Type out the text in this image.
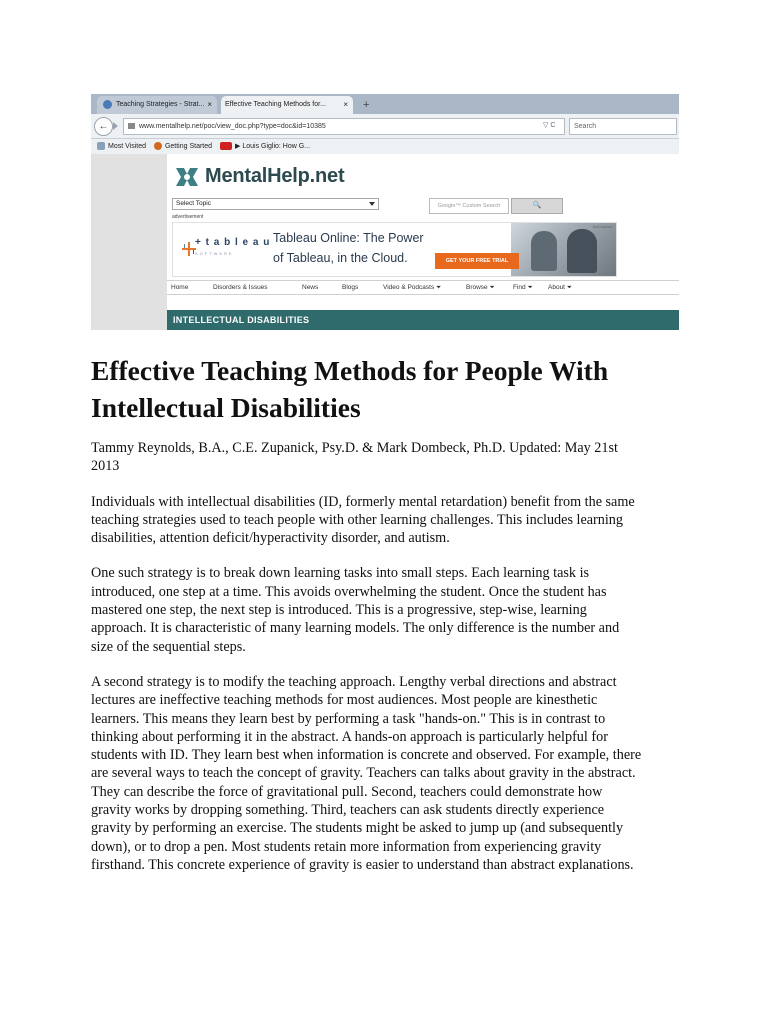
Teaching Strategies - Strat... ×	Effective Teaching Methods for... × +
←	www.mentalhelp.net/poc/view_doc.php?type=doc&id=10385	▽ C	Search
Most Visited	Getting Started	▶ Louis Giglio: How G...
MentalHelp.net
Select Topic	Google™ Custom Search	🔍
advertisement
+ t a b l e a u
SOFTWARE
Tableau Online: The Power
of Tableau, in the Cloud.	GET YOUR FREE TRIAL
AdChoices
Home	Disorders & Issues	News	Blogs	Video & Podcasts ⏷	Browse ⏷	Find ⏷ About ⏷
INTELLECTUAL DISABILITIES
Effective Teaching Methods for People With
Intellectual Disabilities
Tammy Reynolds, B.A., C.E. Zupanick, Psy.D. & Mark Dombeck, Ph.D. Updated: May 21st
2013

Individuals with intellectual disabilities (ID, formerly mental retardation) benefit from the same
teaching strategies used to teach people with other learning challenges. This includes learning
disabilities, attention deficit/hyperactivity disorder, and autism.

One such strategy is to break down learning tasks into small steps. Each learning task is
introduced, one step at a time. This avoids overwhelming the student. Once the student has
mastered one step, the next step is introduced. This is a progressive, step-wise, learning
approach. It is characteristic of many learning models. The only difference is the number and
size of the sequential steps.

A second strategy is to modify the teaching approach. Lengthy verbal directions and abstract
lectures are ineffective teaching methods for most audiences. Most people are kinesthetic
learners. This means they learn best by performing a task "hands-on." This is in contrast to
thinking about performing it in the abstract. A hands-on approach is particularly helpful for
students with ID. They learn best when information is concrete and observed. For example, there
are several ways to teach the concept of gravity. Teachers can talks about gravity in the abstract.
They can describe the force of gravitational pull. Second, teachers could demonstrate how
gravity works by dropping something. Third, teachers can ask students directly experience
gravity by performing an exercise. The students might be asked to jump up (and subsequently
down), or to drop a pen. Most students retain more information from experiencing gravity
firsthand. This concrete experience of gravity is easier to understand than abstract explanations.
